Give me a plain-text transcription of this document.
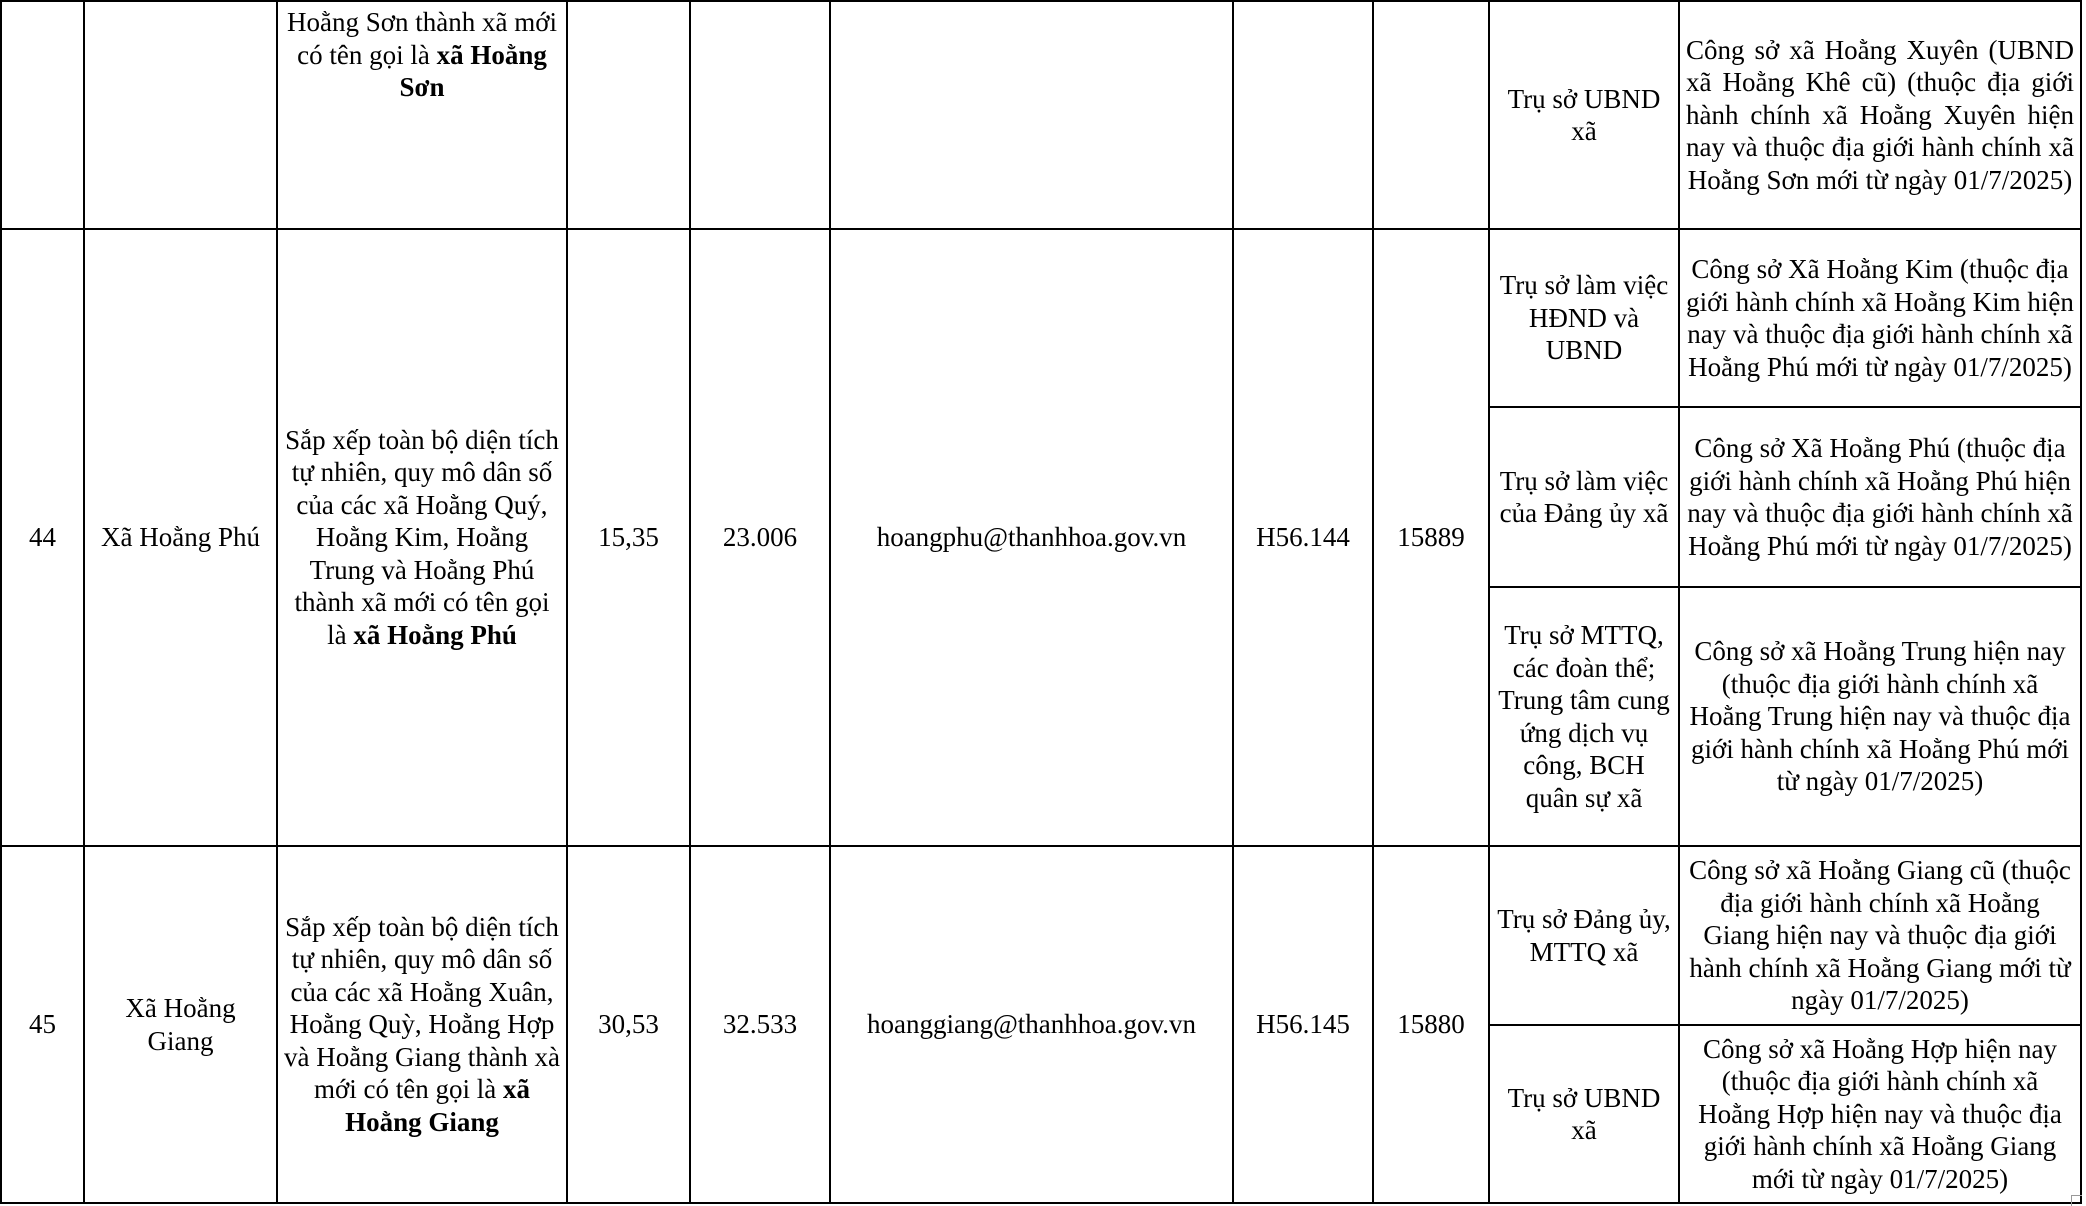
		Hoằng Sơn thành xã mới có tên gọi là xã Hoằng Sơn						Trụ sở UBND xã	Công sở xã Hoằng Xuyên (UBND xã Hoằng Khê cũ) (thuộc địa giới hành chính xã Hoằng Xuyên hiện nay và thuộc địa giới hành chính xã Hoằng Sơn mới từ ngày 01/7/2025)
44	Xã Hoằng Phú	Sắp xếp toàn bộ diện tích tự nhiên, quy mô dân số của các xã Hoằng Quý, Hoằng Kim, Hoằng Trung và Hoằng Phú thành xã mới có tên gọi là xã Hoằng Phú	15,35	23.006	hoangphu@thanhhoa.gov.vn	H56.144	15889	Trụ sở làm việc HĐND và UBND	Công sở Xã Hoằng Kim (thuộc địa giới hành chính xã Hoằng Kim hiện nay và thuộc địa giới hành chính xã Hoằng Phú mới từ ngày 01/7/2025)
								Trụ sở làm việc của Đảng ủy xã	Công sở Xã Hoằng Phú (thuộc địa giới hành chính xã Hoằng Phú hiện nay và thuộc địa giới hành chính xã Hoằng Phú mới từ ngày 01/7/2025)
								Trụ sở MTTQ, các đoàn thể; Trung tâm cung ứng dịch vụ công, BCH quân sự xã	Công sở xã Hoằng Trung hiện nay (thuộc địa giới hành chính xã Hoằng Trung hiện nay và thuộc địa giới hành chính xã Hoằng Phú mới từ ngày 01/7/2025)
45	Xã Hoằng Giang	Sắp xếp toàn bộ diện tích tự nhiên, quy mô dân số của các xã Hoằng Xuân, Hoằng Quỳ, Hoằng Hợp và Hoằng Giang thành xà mới có tên gọi là xã Hoằng Giang	30,53	32.533	hoanggiang@thanhhoa.gov.vn	H56.145	15880	Trụ sở Đảng ủy, MTTQ xã	Công sở xã Hoằng Giang cũ (thuộc địa giới hành chính xã Hoằng Giang hiện nay và thuộc địa giới hành chính xã Hoằng Giang mới từ ngày 01/7/2025)
								Trụ sở UBND xã	Công sở xã Hoằng Hợp hiện nay (thuộc địa giới hành chính xã Hoằng Hợp hiện nay và thuộc địa giới hành chính xã Hoằng Giang mới từ ngày 01/7/2025)
